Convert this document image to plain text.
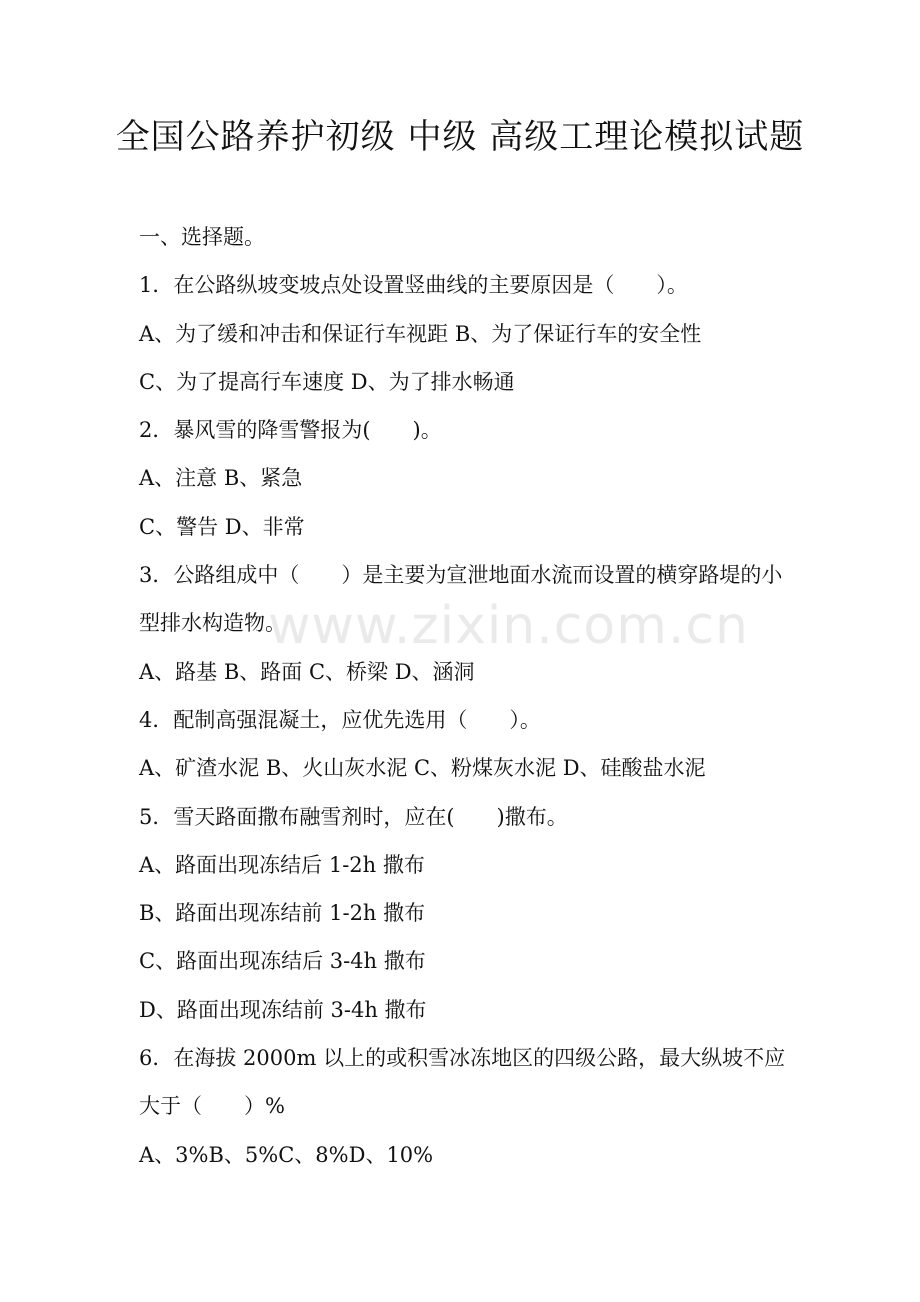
全国公路养护初级 中级 高级工理论模拟试题
一、选择题。
1．在公路纵坡变坡点处设置竖曲线的主要原因是（　　）。
A、为了缓和冲击和保证行车视距 B、为了保证行车的安全性
C、为了提高行车速度 D、为了排水畅通
2．暴风雪的降雪警报为(　　)。
A、注意 B、紧急
C、警告 D、非常
3．公路组成中（　　）是主要为宣泄地面水流而设置的横穿路堤的小型排水构造物。
A、路基 B、路面 C、桥梁 D、涵洞
4．配制高强混凝土，应优先选用（　　）。
A、矿渣水泥 B、火山灰水泥 C、粉煤灰水泥 D、硅酸盐水泥
5．雪天路面撒布融雪剂时，应在(　　)撒布。
A、路面出现冻结后 1-2h 撒布
B、路面出现冻结前 1-2h 撒布
C、路面出现冻结后 3-4h 撒布
D、路面出现冻结前 3-4h 撒布
6．在海拔 2000m 以上的或积雪冰冻地区的四级公路，最大纵坡不应大于（　　）%
A、3%B、5%C、8%D、10%
www.zixin.com.cn
